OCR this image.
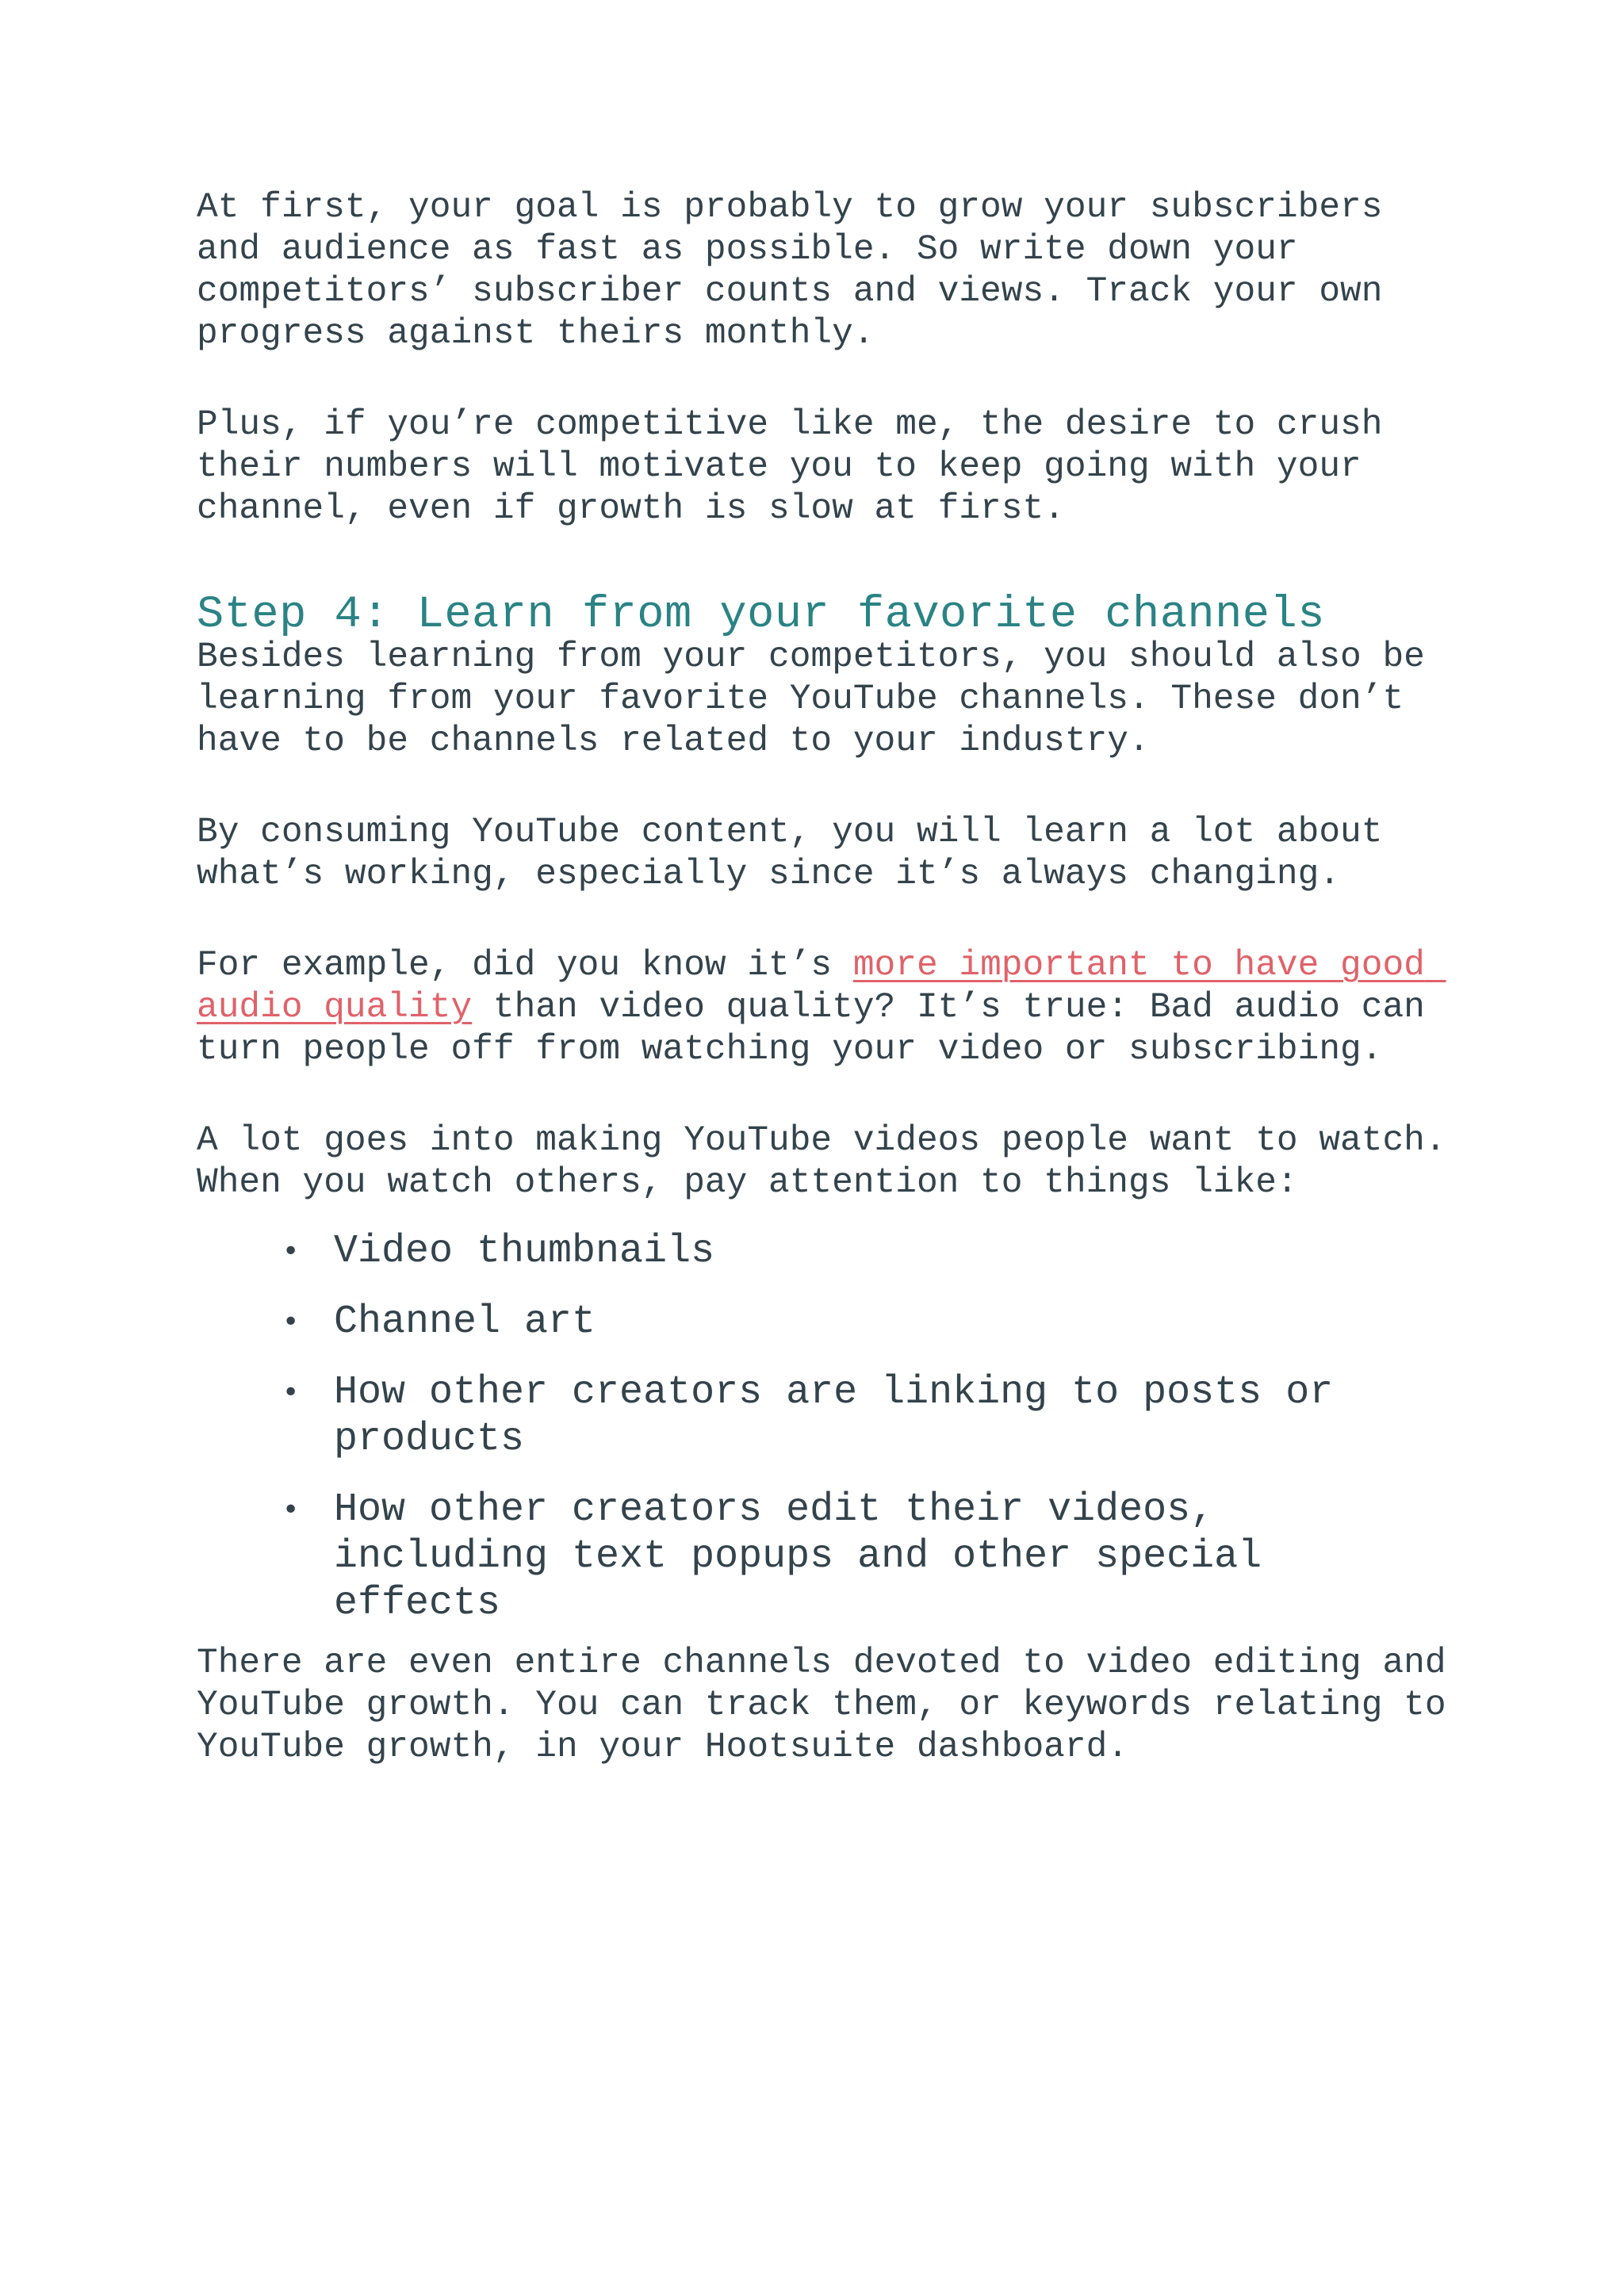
At first, your goal is probably to grow your subscribers and audience as fast as possible. So write down your competitors’ subscriber counts and views. Track your own progress against theirs monthly.

Plus, if you’re competitive like me, the desire to crush their numbers will motivate you to keep going with your channel, even if growth is slow at first.

Step 4: Learn from your favorite channels

Besides learning from your competitors, you should also be learning from your favorite YouTube channels. These don’t have to be channels related to your industry.

By consuming YouTube content, you will learn a lot about what’s working, especially since it’s always changing.

For example, did you know it’s more important to have good audio quality than video quality? It’s true: Bad audio can turn people off from watching your video or subscribing.

A lot goes into making YouTube videos people want to watch. When you watch others, pay attention to things like:

• Video thumbnails
• Channel art
• How other creators are linking to posts or products
• How other creators edit their videos, including text popups and other special effects

There are even entire channels devoted to video editing and YouTube growth. You can track them, or keywords relating to YouTube growth, in your Hootsuite dashboard.
